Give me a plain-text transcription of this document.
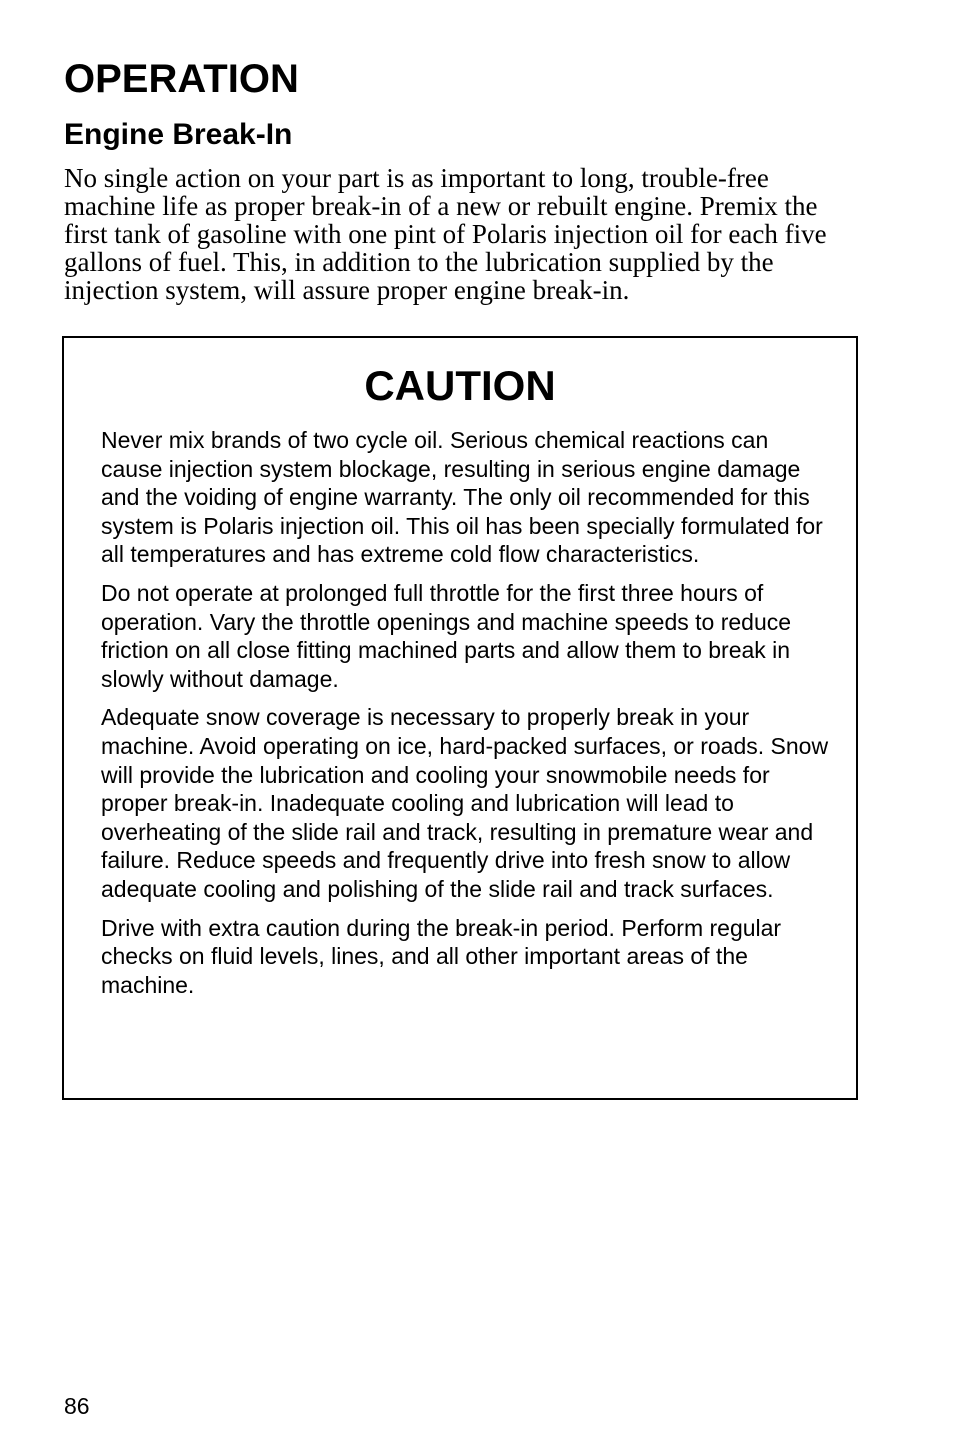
OPERATION
Engine Break-In

No single action on your part is as important to long, trouble-free machine life as proper break-in of a new or rebuilt engine. Premix the first tank of gasoline with one pint of Polaris injection oil for each five gallons of fuel. This, in addition to the lubrication supplied by the injection system, will assure proper engine break-in.

CAUTION

Never mix brands of two cycle oil. Serious chemical reactions can cause injection system blockage, resulting in serious engine damage and the voiding of engine warranty. The only oil recommended for this system is Polaris injection oil. This oil has been specially formulated for all temperatures and has extreme cold flow characteristics.

Do not operate at prolonged full throttle for the first three hours of operation. Vary the throttle openings and machine speeds to reduce friction on all close fitting machined parts and allow them to break in slowly without damage.

Adequate snow coverage is necessary to properly break in your machine. Avoid operating on ice, hard-packed surfaces, or roads. Snow will provide the lubrication and cooling your snowmobile needs for proper break-in. Inadequate cooling and lubrication will lead to overheating of the slide rail and track, resulting in premature wear and failure. Reduce speeds and frequently drive into fresh snow to allow adequate cooling and polishing of the slide rail and track surfaces.

Drive with extra caution during the break-in period. Perform regular checks on fluid levels, lines, and all other important areas of the machine.

86
